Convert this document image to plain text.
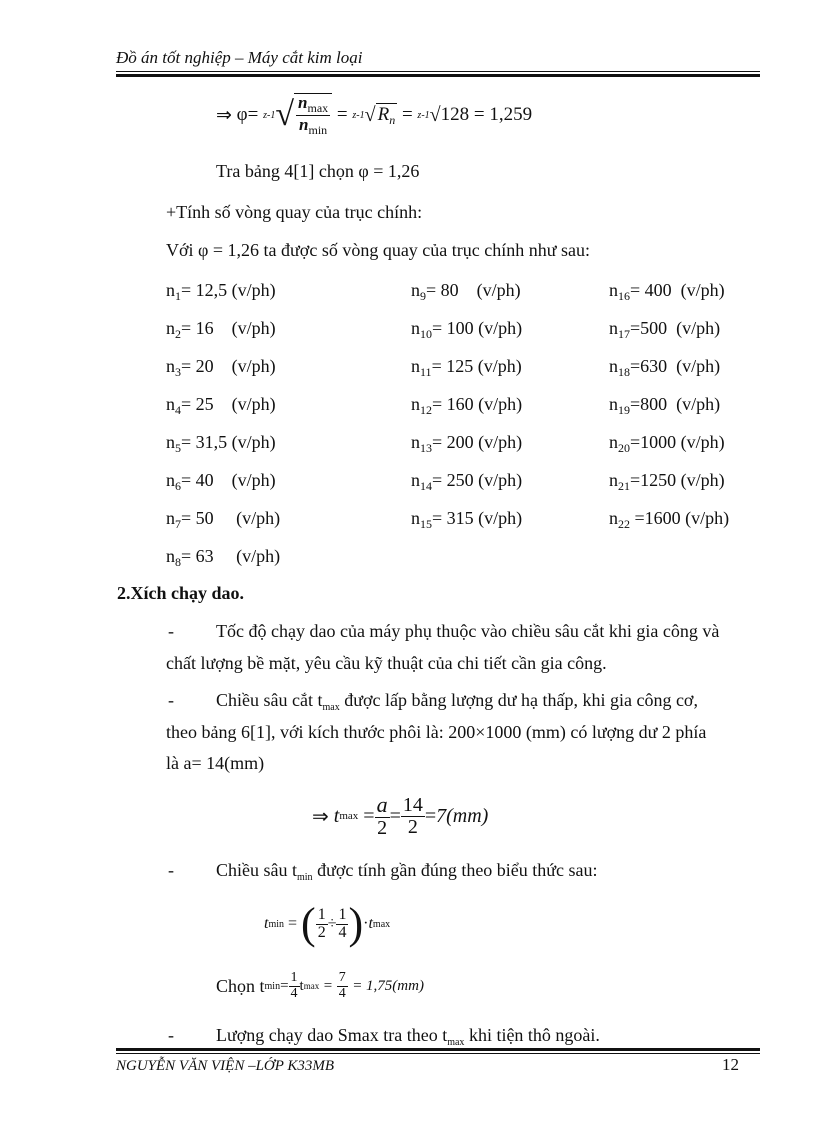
Đồ án tốt nghiệp – Máy cắt kim loại
⇒
φ =
z-1 √ $\frac{n_{max}}{n_{min}}$
=
z-1 √ $R_n$
=
z-1 √ 128 = 1,259
Tra bảng 4[1] chọn φ = 1,26
+Tính số vòng quay của trục chính:
Với φ = 1,26 ta được số vòng quay của trục chính như sau:
$n_1= 12,5$ (v/ph)
$n_2= 16$    (v/ph)
$n_3= 20$    (v/ph)
$n_4= 25$    (v/ph)
$n_5= 31,5$ (v/ph)
$n_6= 40$    (v/ph)
$n_7= 50$     (v/ph)
$n_8= 63$     (v/ph)
$n_9= 80$    (v/ph)
$n_{10}= 100$ (v/ph)
$n_{11}= 125$ (v/ph)
$n_{12}= 160$ (v/ph)
$n_{13}= 200$ (v/ph)
$n_{14}= 250$ (v/ph)
$n_{15}= 315$ (v/ph)
$n_{16}= 400$  (v/ph)
$n_{17}=500$  (v/ph)
$n_{18}=630$  (v/ph)
$n_{19}=800$  (v/ph)
$n_{20}=1000$ (v/ph)
$n_{21}=1250$ (v/ph)
$n_{22} =1600$ (v/ph)
2.Xích chạy dao.
- Tốc độ chạy dao của máy phụ thuộc vào chiều sâu cắt khi gia công và
chất lượng bề mặt, yêu cầu kỹ thuật của chi tiết cần gia công.
- Chiều sâu cắt $t_{max}$ được lấp bằng lượng dư hạ thấp, khi gia công cơ,
theo bảng 6[1], với kích thước phôi là: 200×1000 (mm) có lượng dư 2 phía
là a= 14(mm)
⇒
t max
= $\frac{a}{2} = \frac{14}{2} = 7(mm)$
- Chiều sâu $t_{min}$ được tính gần đúng theo biểu thức sau:
t min
=
( $\frac{1}{2} \div \frac{1}{4}$ ) · t max
Chọn t $\min = \frac{1}{4}$ t max
=
$\frac{7}{4}$
= 1,75(mm)
- Lượng chạy dao Smax tra theo $t_{max}$ khi tiện thô ngoài.
NGUYỄN VĂN VIỆN –LỚP K33MB	12
